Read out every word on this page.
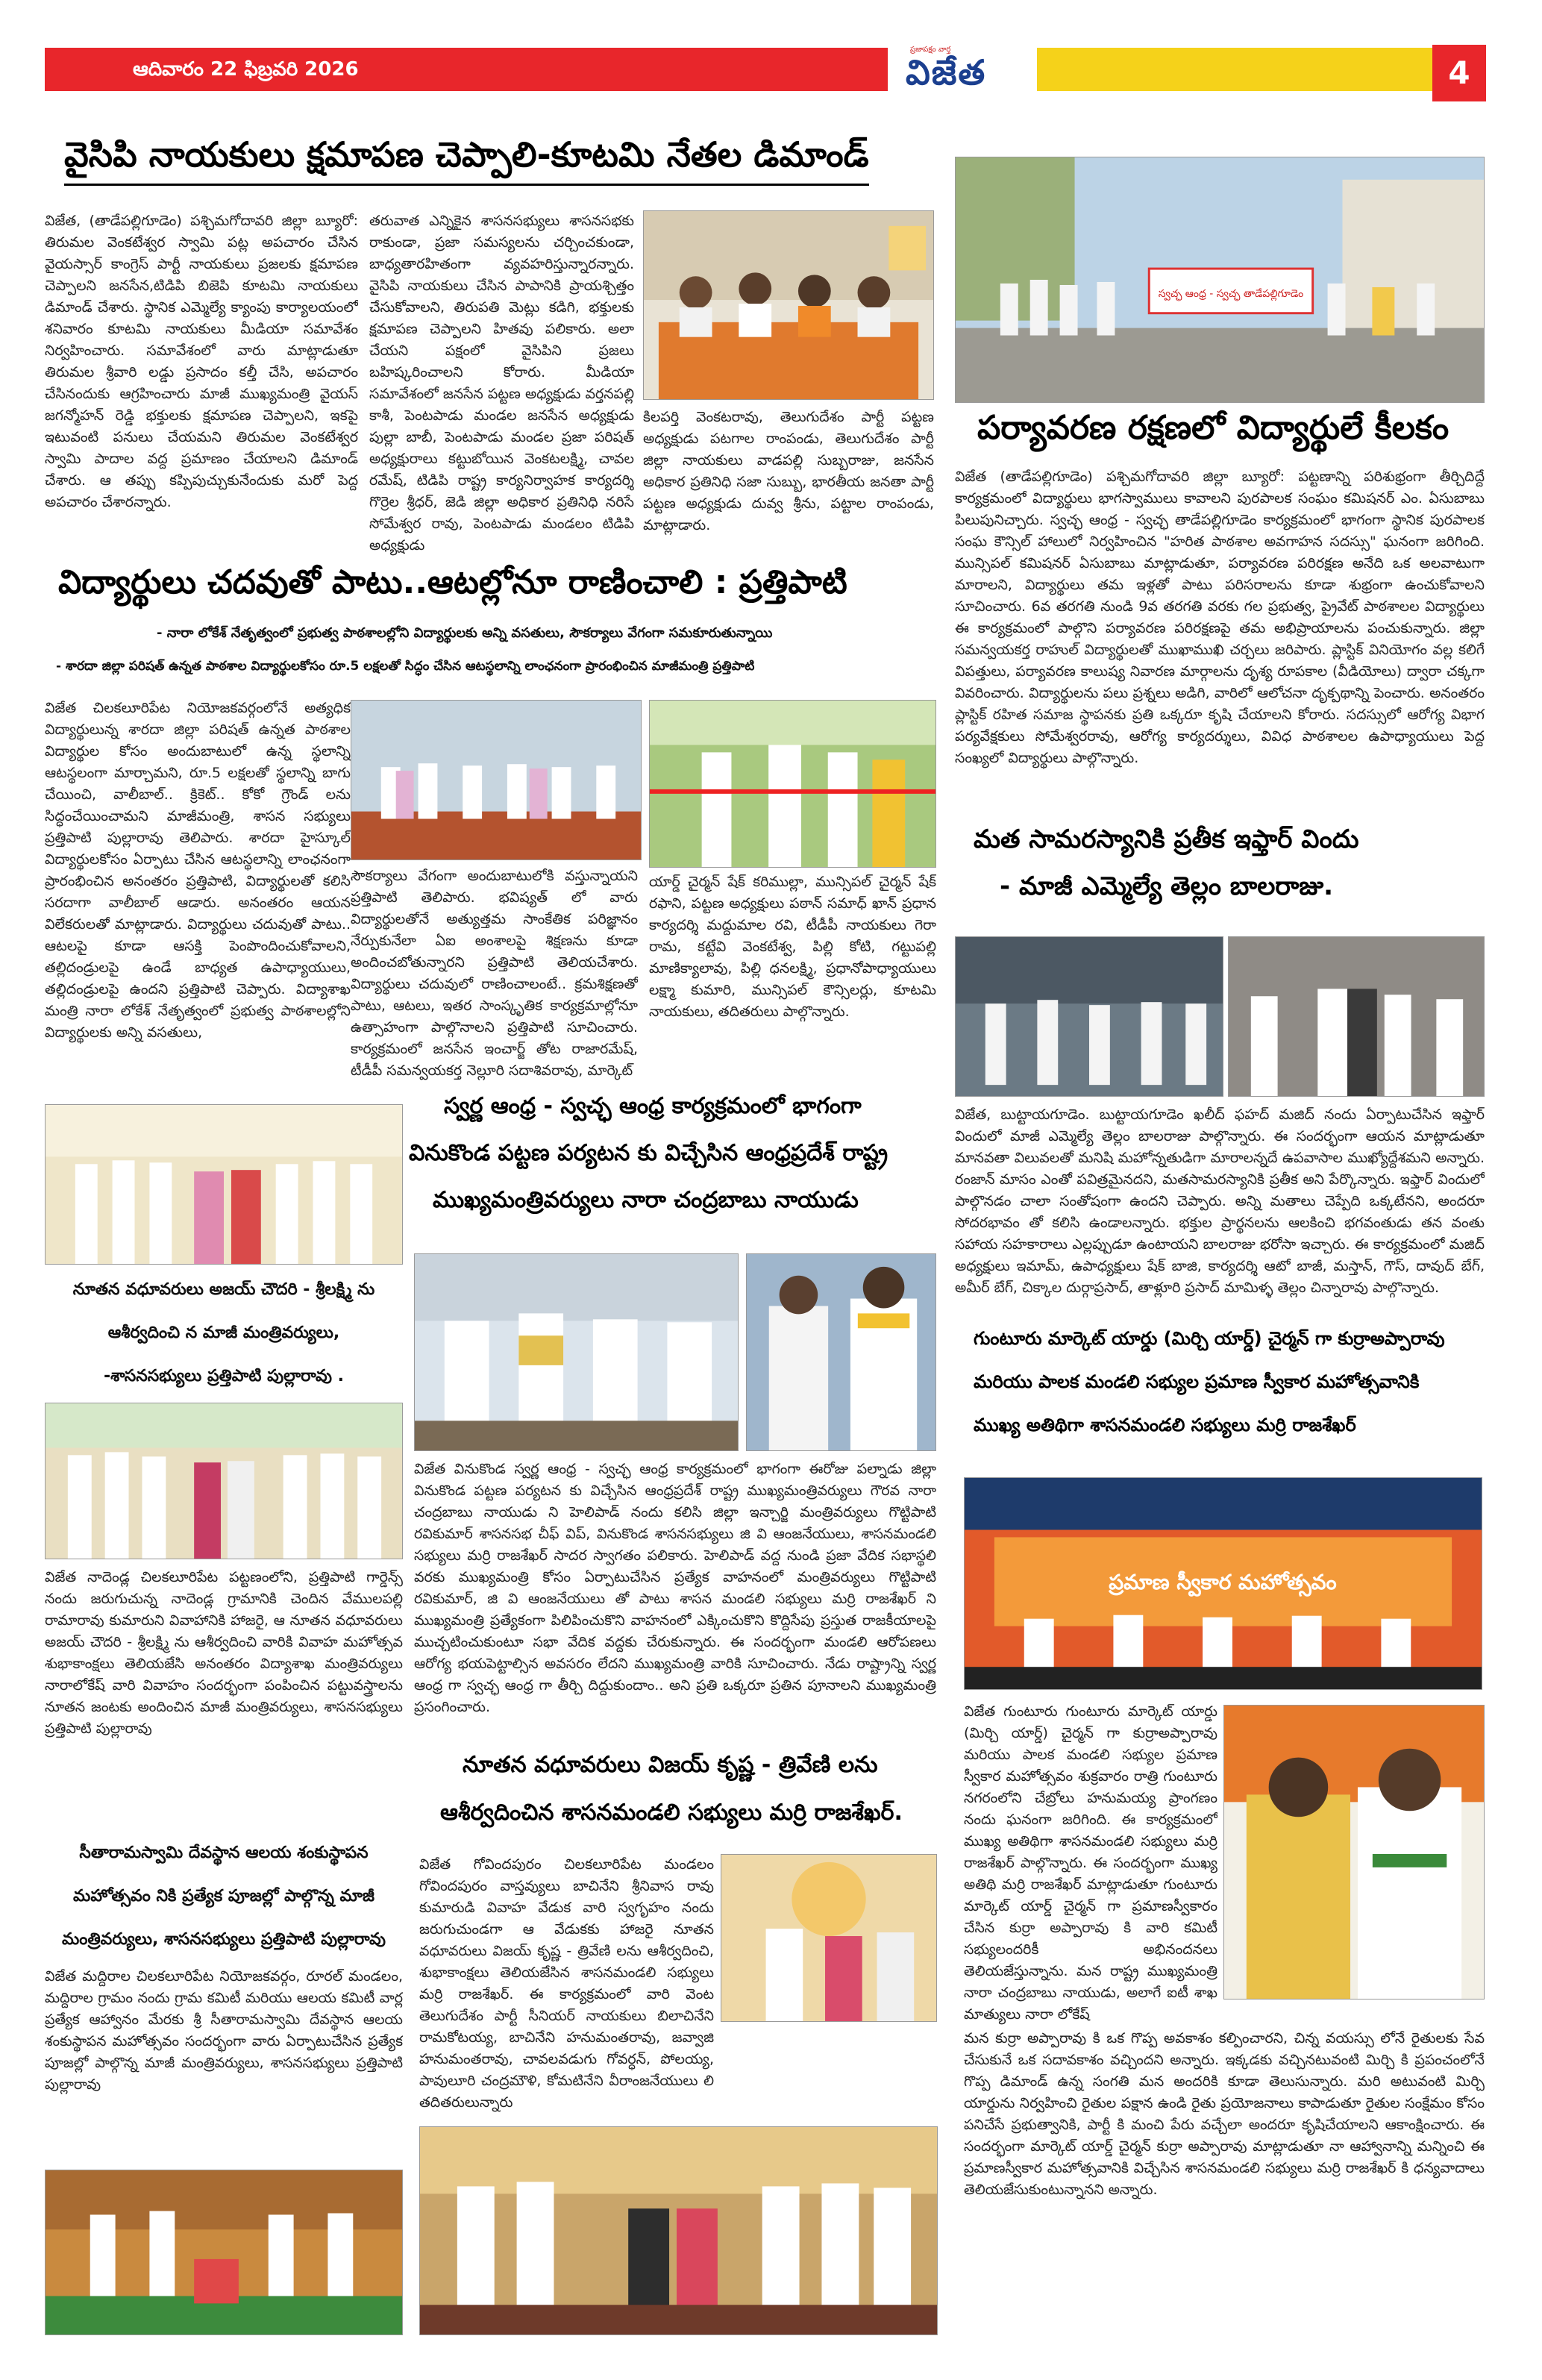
ఆదివారం 22 ఫిబ్రవరి 2026
ప్రజాపక్షం వార్త
విజేత	4
వైసిపి నాయకులు క్షమాపణ చెప్పాలి-కూటమి నేతల డిమాండ్
విజేత, (తాడేపల్లిగూడెం) పశ్చిమగోదావరి జిల్లా బ్యూరో: తిరుమల వెంకటేశ్వర స్వామి పట్ల అపచారం చేసిన వైయస్సార్ కాంగ్రెస్ పార్టీ నాయకులు ప్రజలకు క్షమాపణ చెప్పాలని జనసేన,టిడిపి బిజెపి కూటమి నాయకులు డిమాండ్ చేశారు. స్థానిక ఎమ్మెల్యే క్యాంపు కార్యాలయంలో శనివారం కూటమి నాయకులు మీడియా సమావేశం నిర్వహించారు. సమావేశంలో వారు మాట్లాడుతూ తిరుమల శ్రీవారి లడ్డు ప్రసాదం కల్తీ చేసి, అపచారం చేసినందుకు ఆగ్రహించారు మాజీ ముఖ్యమంత్రి వైయస్ జగన్మోహన్ రెడ్డి భక్తులకు క్షమాపణ చెప్పాలని, ఇకపై ఇటువంటి పనులు చేయమని తిరుమల వెంకటేశ్వర స్వామి పాదాల వద్ద ప్రమాణం చేయాలని డిమాండ్ చేశారు. ఆ తప్పు కప్పిపుచ్చుకునేందుకు మరో పెద్ద అపచారం చేశారన్నారు.
తరువాత ఎన్నికైన శాసనసభ్యులు శాసనసభకు రాకుండా, ప్రజా సమస్యలను చర్చించకుండా, బాధ్యతారహితంగా వ్యవహరిస్తున్నారన్నారు. వైసిపి నాయకులు చేసిన పాపానికి ప్రాయశ్చిత్తం చేసుకోవాలని, తిరుపతి మెట్లు కడిగి, భక్తులకు క్షమాపణ చెప్పాలని హితవు పలికారు. అలా చేయని పక్షంలో వైసిపిని ప్రజలు బహిష్కరించాలని కోరారు. మీడియా సమావేశంలో జనసేన పట్టణ అధ్యక్షుడు వర్తనపల్లి కాశీ, పెంటపాడు మండల జనసేన అధ్యక్షుడు పుల్లా బాబీ, పెంటపాడు మండల ప్రజా పరిషత్ అధ్యక్షురాలు కట్టుబోయిన వెంకటలక్ష్మి, చావల రమేష్, టిడిపి రాష్ట్ర కార్యనిర్వాహక కార్యదర్శి గొర్రెల శ్రీధర్, జెడి జిల్లా అధికార ప్రతినిధి నరిసే సోమేశ్వర రావు, పెంటపాడు మండలం టిడిపి అధ్యక్షుడు
కిలపర్తి వెంకటరావు, తెలుగుదేశం పార్టీ పట్టణ అధ్యక్షుడు పటగాల రాంపండు, తెలుగుదేశం పార్టీ జిల్లా నాయకులు వాడపల్లి సుబ్బరాజు, జనసేన అధికార ప్రతినిధి సజా సుబ్బు, భారతీయ జనతా పార్టీ పట్టణ అధ్యక్షుడు దువ్వ శ్రీను, పట్టాల రాంపండు, మాట్లాడారు.
స్వచ్ఛ ఆంధ్ర - స్వచ్ఛ తాడేపల్లిగూడెం
పర్యావరణ రక్షణలో విద్యార్థులే కీలకం
విజేత (తాడేపల్లిగూడెం) పశ్చిమగోదావరి జిల్లా బ్యూరో: పట్టణాన్ని పరిశుభ్రంగా తీర్చిదిద్దే కార్యక్రమంలో విద్యార్థులు భాగస్వాములు కావాలని పురపాలక సంఘం కమిషనర్ ఎం. ఏసుబాబు పిలుపునిచ్చారు. స్వచ్ఛ ఆంధ్ర - స్వచ్ఛ తాడేపల్లిగూడెం కార్యక్రమంలో భాగంగా స్థానిక పురపాలక సంఘ కౌన్సిల్ హాలులో నిర్వహించిన "హరిత పాఠశాల అవగాహన సదస్సు" ఘనంగా జరిగింది. మున్సిపల్ కమిషనర్ ఏసుబాబు మాట్లాడుతూ, పర్యావరణ పరిరక్షణ అనేది ఒక అలవాటుగా మారాలని, విద్యార్థులు తమ ఇళ్లతో పాటు పరిసరాలను కూడా శుభ్రంగా ఉంచుకోవాలని సూచించారు. 6వ తరగతి నుండి 9వ తరగతి వరకు గల ప్రభుత్వ, ప్రైవేట్ పాఠశాలల విద్యార్థులు ఈ కార్యక్రమంలో పాల్గొని పర్యావరణ పరిరక్షణపై తమ అభిప్రాయాలను పంచుకున్నారు. జిల్లా సమన్వయకర్త రాహుల్ విద్యార్థులతో ముఖాముఖి చర్చలు జరిపారు. ప్లాస్టిక్ వినియోగం వల్ల కలిగే విపత్తులు, పర్యావరణ కాలుష్య నివారణ మార్గాలను దృశ్య రూపకాల (వీడియోలు) ద్వారా చక్కగా వివరించారు. విద్యార్థులను పలు ప్రశ్నలు అడిగి, వారిలో ఆలోచనా దృక్పథాన్ని పెంచారు. అనంతరం ప్లాస్టిక్ రహిత సమాజ స్థాపనకు ప్రతి ఒక్కరూ కృషి చేయాలని కోరారు. సదస్సులో ఆరోగ్య విభాగ పర్యవేక్షకులు సోమేశ్వరరావు, ఆరోగ్య కార్యదర్శులు, వివిధ పాఠశాలల ఉపాధ్యాయులు పెద్ద సంఖ్యలో విద్యార్థులు పాల్గొన్నారు.
విద్యార్థులు చదవుతో పాటు..ఆటల్లోనూ రాణించాలి : ప్రత్తిపాటి
- నారా లోకేశ్ నేతృత్వంలో ప్రభుత్వ పాఠశాలల్లోని విద్యార్థులకు అన్ని వసతులు, సౌకర్యాలు వేగంగా సమకూరుతున్నాయి
- శారదా జిల్లా పరిషత్ ఉన్నత పాఠశాల విద్యార్థులకోసం రూ.5 లక్షలతో సిద్ధం చేసిన ఆటస్థలాన్ని లాంఛనంగా ప్రారంభించిన మాజీమంత్రి ప్రత్తిపాటి
విజేత చిలకలూరిపేట నియోజకవర్గంలోనే అత్యధిక విద్యార్థులున్న శారదా జిల్లా పరిషత్ ఉన్నత పాఠశాల విద్యార్థుల కోసం అందుబాటులో ఉన్న స్థలాన్ని ఆటస్థలంగా మార్చామని, రూ.5 లక్షలతో స్థలాన్ని బాగు చేయించి, వాలీబాల్.. క్రికెట్.. కోకో గ్రౌండ్ లను సిద్ధంచేయించామని మాజీమంత్రి, శాసన సభ్యులు ప్రత్తిపాటి పుల్లారావు తెలిపారు. శారదా హైస్కూల్ విద్యార్థులకోసం ఏర్పాటు చేసిన ఆటస్థలాన్ని లాంఛనంగా ప్రారంభించిన అనంతరం ప్రత్తిపాటి, విద్యార్థులతో కలిసి సరదాగా వాలీబాల్ ఆడారు. అనంతరం ఆయన విలేకరులతో మాట్లాడారు. విద్యార్థులు చదువుతో పాటు.. ఆటలపై కూడా ఆసక్తి పెంపొందించుకోవాలని, తల్లిదండ్రులపై ఉండే బాధ్యత ఉపాధ్యాయులు, తల్లిదండ్రులపై ఉందని ప్రత్తిపాటి చెప్పారు. విద్యాశాఖ మంత్రి నారా లోకేశ్ నేతృత్వంలో ప్రభుత్వ పాఠశాలల్లోని విద్యార్థులకు అన్ని వసతులు,
సౌకర్యాలు వేగంగా అందుబాటులోకి వస్తున్నాయని ప్రత్తిపాటి తెలిపారు. భవిష్యత్ లో వారు విద్యార్థులతోనే అత్యుత్తమ సాంకేతిక పరిజ్ఞానం నేర్పుకునేలా ఏఐ అంశాలపై శిక్షణను కూడా అందించబోతున్నారని ప్రత్తిపాటి తెలియచేశారు. విద్యార్థులు చదువులో రాణించాలంటే.. క్రమశిక్షణతో పాటు, ఆటలు, ఇతర సాంస్కృతిక కార్యక్రమాల్లోనూ ఉత్సాహంగా పాల్గొనాలని ప్రత్తిపాటి సూచించారు. కార్యక్రమంలో జనసేన ఇంచార్జ్ తోట రాజారమేష్, టీడీపీ సమన్వయకర్త నెల్లూరి సదాశివరావు, మార్కెట్
యార్డ్ చైర్మన్ షేక్ కరిముల్లా, మున్సిపల్ చైర్మన్ షేక్ రఫాని, పట్టణ అధ్యక్షులు పఠాన్ సమాధ్ ఖాన్ ప్రధాన కార్యదర్శి మద్దుమాల రవి, టీడీపీ నాయకులు గెరా రామ, కట్టేవి వెంకటేశ్వ, పిల్లి కోటి, గట్టుపల్లి మాణిక్యాలావు, పిల్లి ధనలక్ష్మి, ప్రధానోపాధ్యాయులు లక్ష్మా కుమారి, మున్సిపల్ కౌన్సిలర్లు, కూటమి నాయకులు, తదితరులు పాల్గొన్నారు.
మత సామరస్యానికి ప్రతీక ఇఫ్తార్ విందు
- మాజీ ఎమ్మెల్యే తెల్లం బాలరాజు.
విజేత, బుట్టాయగూడెం. బుట్టాయగూడెం ఖలీద్ ఫహద్ మజిద్ నందు ఏర్పాటుచేసిన ఇఫ్తార్ విందులో మాజీ ఎమ్మెల్యే తెల్లం బాలరాజు పాల్గొన్నారు. ఈ సందర్భంగా ఆయన మాట్లాడుతూ మానవతా విలువలతో మనిషి మహోన్నతుడిగా మారాలన్నదే ఉపవాసాల ముఖ్యోద్దేశమని అన్నారు. రంజాన్ మాసం ఎంతో పవిత్రమైనదని, మతసామరస్యానికి ప్రతీక అని పేర్కొన్నారు. ఇఫ్తార్ విందులో పాల్గొనడం చాలా సంతోషంగా ఉందని చెప్పారు. అన్ని మతాలు చెప్పేది ఒక్కటేనని, అందరూ సోదరభావం తో కలిసి ఉండాలన్నారు. భక్తుల ప్రార్థనలను ఆలకించి భగవంతుడు తన వంతు సహాయ సహకారాలు ఎల్లప్పుడూ ఉంటాయని బాలరాజు భరోసా ఇచ్చారు. ఈ కార్యక్రమంలో మజిద్ అధ్యక్షులు ఇమామ్, ఉపాధ్యక్షులు షేక్ బాజి, కార్యదర్శి ఆటో బాజీ, మస్తాన్, గౌస్, దావుద్ బేగ్, అమీర్ బేగ్, చిక్కాల దుర్గాప్రసాద్, తాళ్లూరి ప్రసాద్ మామిళ్ళ తెల్లం చిన్నారావు పాల్గొన్నారు.
నూతన వధూవరులు అజయ్ చౌదరి - శ్రీలక్ష్మి ను
ఆశీర్వదించి న మాజీ మంత్రివర్యులు,
-శాసనసభ్యులు ప్రత్తిపాటి పుల్లారావు .
విజేత నాదెండ్ల చిలకలూరిపేట పట్టణంలోని, ప్రత్తిపాటి గార్డెన్స్ నందు జరుగుచున్న నాదెండ్ల గ్రామానికి చెందిన వేములపల్లి రామారావు కుమారుని వివాహానికి హాజరై, ఆ నూతన వధూవరులు అజయ్ చౌదరి - శ్రీలక్ష్మి ను ఆశీర్వదించి వారికి వివాహ మహోత్సవ శుభాకాంక్షలు తెలియజేసి అనంతరం విద్యాశాఖ మంత్రివర్యులు నారాలోకేష్ వారి వివాహం సందర్భంగా పంపించిన పట్టువస్త్రాలను నూతన జంటకు అందించిన మాజీ మంత్రివర్యులు, శాసనసభ్యులు ప్రత్తిపాటి పుల్లారావు
సీతారామస్వామి దేవస్థాన ఆలయ శంకుస్థాపన
మహోత్సవం నికి ప్రత్యేక పూజల్లో పాల్గొన్న మాజీ
మంత్రివర్యులు, శాసనసభ్యులు ప్రత్తిపాటి పుల్లారావు
విజేత మద్దిరాల చిలకలూరిపేట నియోజకవర్గం, రూరల్ మండలం, మద్దిరాల గ్రామం నందు గ్రామ కమిటీ మరియు ఆలయ కమిటీ వార్ల ప్రత్యేక ఆహ్వానం మేరకు శ్రీ సీతారామస్వామి దేవస్థాన ఆలయ శంకుస్థాపన మహోత్సవం సందర్భంగా వారు ఏర్పాటుచేసిన ప్రత్యేక పూజల్లో పాల్గొన్న మాజీ మంత్రివర్యులు, శాసనసభ్యులు ప్రత్తిపాటి పుల్లారావు
స్వర్ణ ఆంధ్ర - స్వచ్ఛ ఆంధ్ర కార్యక్రమంలో భాగంగా
వినుకొండ పట్టణ పర్యటన కు విచ్చేసిన ఆంధ్రప్రదేశ్ రాష్ట్ర
ముఖ్యమంత్రివర్యులు నారా చంద్రబాబు నాయుడు
విజేత వినుకొండ స్వర్ణ ఆంధ్ర - స్వచ్ఛ ఆంధ్ర కార్యక్రమంలో భాగంగా ఈరోజు పల్నాడు జిల్లా వినుకొండ పట్టణ పర్యటన కు విచ్చేసిన ఆంధ్రప్రదేశ్ రాష్ట్ర ముఖ్యమంత్రివర్యులు గౌరవ నారా చంద్రబాబు నాయుడు ని హెలిపాడ్ నందు కలిసి జిల్లా ఇన్చార్జి మంత్రివర్యులు గొట్టిపాటి రవికుమార్ శాసనసభ చీఫ్ విప్, వినుకొండ శాసనసభ్యులు జి వి ఆంజనేయులు, శాసనమండలి సభ్యులు మర్రి రాజశేఖర్ సాదర స్వాగతం పలికారు. హెలిపాడ్ వద్ద నుండి ప్రజా వేదిక సభాస్థలి వరకు ముఖ్యమంత్రి కోసం ఏర్పాటుచేసిన ప్రత్యేక వాహనంలో మంత్రివర్యులు గొట్టిపాటి రవికుమార్, జి వి ఆంజనేయులు తో పాటు శాసన మండలి సభ్యులు మర్రి రాజశేఖర్ ని ముఖ్యమంత్రి ప్రత్యేకంగా పిలిపించుకొని వాహనంలో ఎక్కించుకొని కొద్దిసేపు ప్రస్తుత రాజకీయాలపై ముచ్చటించుకుంటూ సభా వేదిక వద్దకు చేరుకున్నారు. ఈ సందర్భంగా మండలి ఆరోపణలు ఆరోగ్య భయపెట్టాల్సిన అవసరం లేదని ముఖ్యమంత్రి వారికి సూచించారు. నేడు రాష్ట్రాన్ని స్వర్ణ ఆంధ్ర గా స్వచ్ఛ ఆంధ్ర గా తీర్చి దిద్దుకుందాం.. అని ప్రతి ఒక్కరూ ప్రతిన పూనాలని ముఖ్యమంత్రి ప్రసంగించారు.
నూతన వధూవరులు విజయ్ కృష్ణ - త్రివేణి లను
ఆశీర్వదించిన శాసనమండలి సభ్యులు మర్రి రాజశేఖర్.
విజేత గోవిందపురం చిలకలూరిపేట మండలం గోవిందపురం వాస్తవ్యులు బాచినేని శ్రీనివాస రావు కుమారుడి వివాహ వేడుక వారి స్వగృహం నందు జరుగుచుండగా ఆ వేడుకకు హాజరై నూతన వధూవరులు విజయ్ కృష్ణ - త్రివేణి లను ఆశీర్వదించి, శుభాకాంక్షలు తెలియజేసిన శాసనమండలి సభ్యులు మర్రి రాజశేఖర్. ఈ కార్యక్రమంలో వారి వెంట తెలుగుదేశం పార్టీ సీనియర్ నాయకులు బిలాచినేని రామకోటయ్య, బాచినేని హనుమంతరావు, జవ్వాజి హనుమంతరావు, చావలవడుగు గోవర్ధన్, పోలయ్య, పావులూరి చంద్రమౌళి, కోమటినేని వీరాంజనేయులు లి తదితరులున్నారు
గుంటూరు మార్కెట్ యార్డు (మిర్చి యార్డ్) చైర్మన్ గా కుర్రాఅప్పారావు
మరియు పాలక మండలి సభ్యుల ప్రమాణ స్వీకార మహోత్సవానికి
ముఖ్య అతిథిగా శాసనమండలి సభ్యులు మర్రి రాజశేఖర్
ప్రమాణ స్వీకార మహోత్సవం
విజేత గుంటూరు గుంటూరు మార్కెట్ యార్డు (మిర్చి యార్డ్) చైర్మన్ గా కుర్రాఅప్పారావు మరియు పాలక మండలి సభ్యుల ప్రమాణ స్వీకార మహోత్సవం శుక్రవారం రాత్రి గుంటూరు నగరంలోని చేబ్రోలు హనుమయ్య ప్రాంగణం నందు ఘనంగా జరిగింది. ఈ కార్యక్రమంలో ముఖ్య అతిథిగా శాసనమండలి సభ్యులు మర్రి రాజశేఖర్ పాల్గొన్నారు. ఈ సందర్భంగా ముఖ్య అతిథి మర్రి రాజశేఖర్ మాట్లాడుతూ గుంటూరు మార్కెట్ యార్డ్ చైర్మన్ గా ప్రమాణస్వీకారం చేసిన కుర్రా అప్పారావు కి వారి కమిటీ సభ్యులందరికీ అభినందనలు తెలియజేస్తున్నాను. మన రాష్ట్ర ముఖ్యమంత్రి నారా చంద్రబాబు నాయుడు, అలాగే ఐటీ శాఖ మాత్యులు నారా లోకేష్
మన కుర్రా అప్పారావు కి ఒక గొప్ప అవకాశం కల్పించారని, చిన్న వయస్సు లోనే రైతులకు సేవ చేసుకునే ఒక సదావకాశం వచ్చిందని అన్నారు. ఇక్కడకు వచ్చినటువంటి మిర్చి కి ప్రపంచంలోనే గొప్ప డిమాండ్ ఉన్న సంగతి మన అందరికి కూడా తెలుసున్నారు. మరి అటువంటి మిర్చి యార్డును నిర్వహించి రైతుల పక్షాన ఉండి రైతు ప్రయోజనాలు కాపాడుతూ రైతుల సంక్షేమం కోసం పనిచేసే ప్రభుత్వానికి, పార్టీ కి మంచి పేరు వచ్చేలా అందరూ కృషిచేయాలని ఆకాంక్షించారు. ఈ సందర్భంగా మార్కెట్ యార్డ్ చైర్మన్ కుర్రా అప్పారావు మాట్లాడుతూ నా ఆహ్వానాన్ని మన్నించి ఈ ప్రమాణస్వీకార మహోత్సవానికి విచ్చేసిన శాసనమండలి సభ్యులు మర్రి రాజశేఖర్ కి ధన్యవాదాలు తెలియజేసుకుంటున్నానని అన్నారు.
